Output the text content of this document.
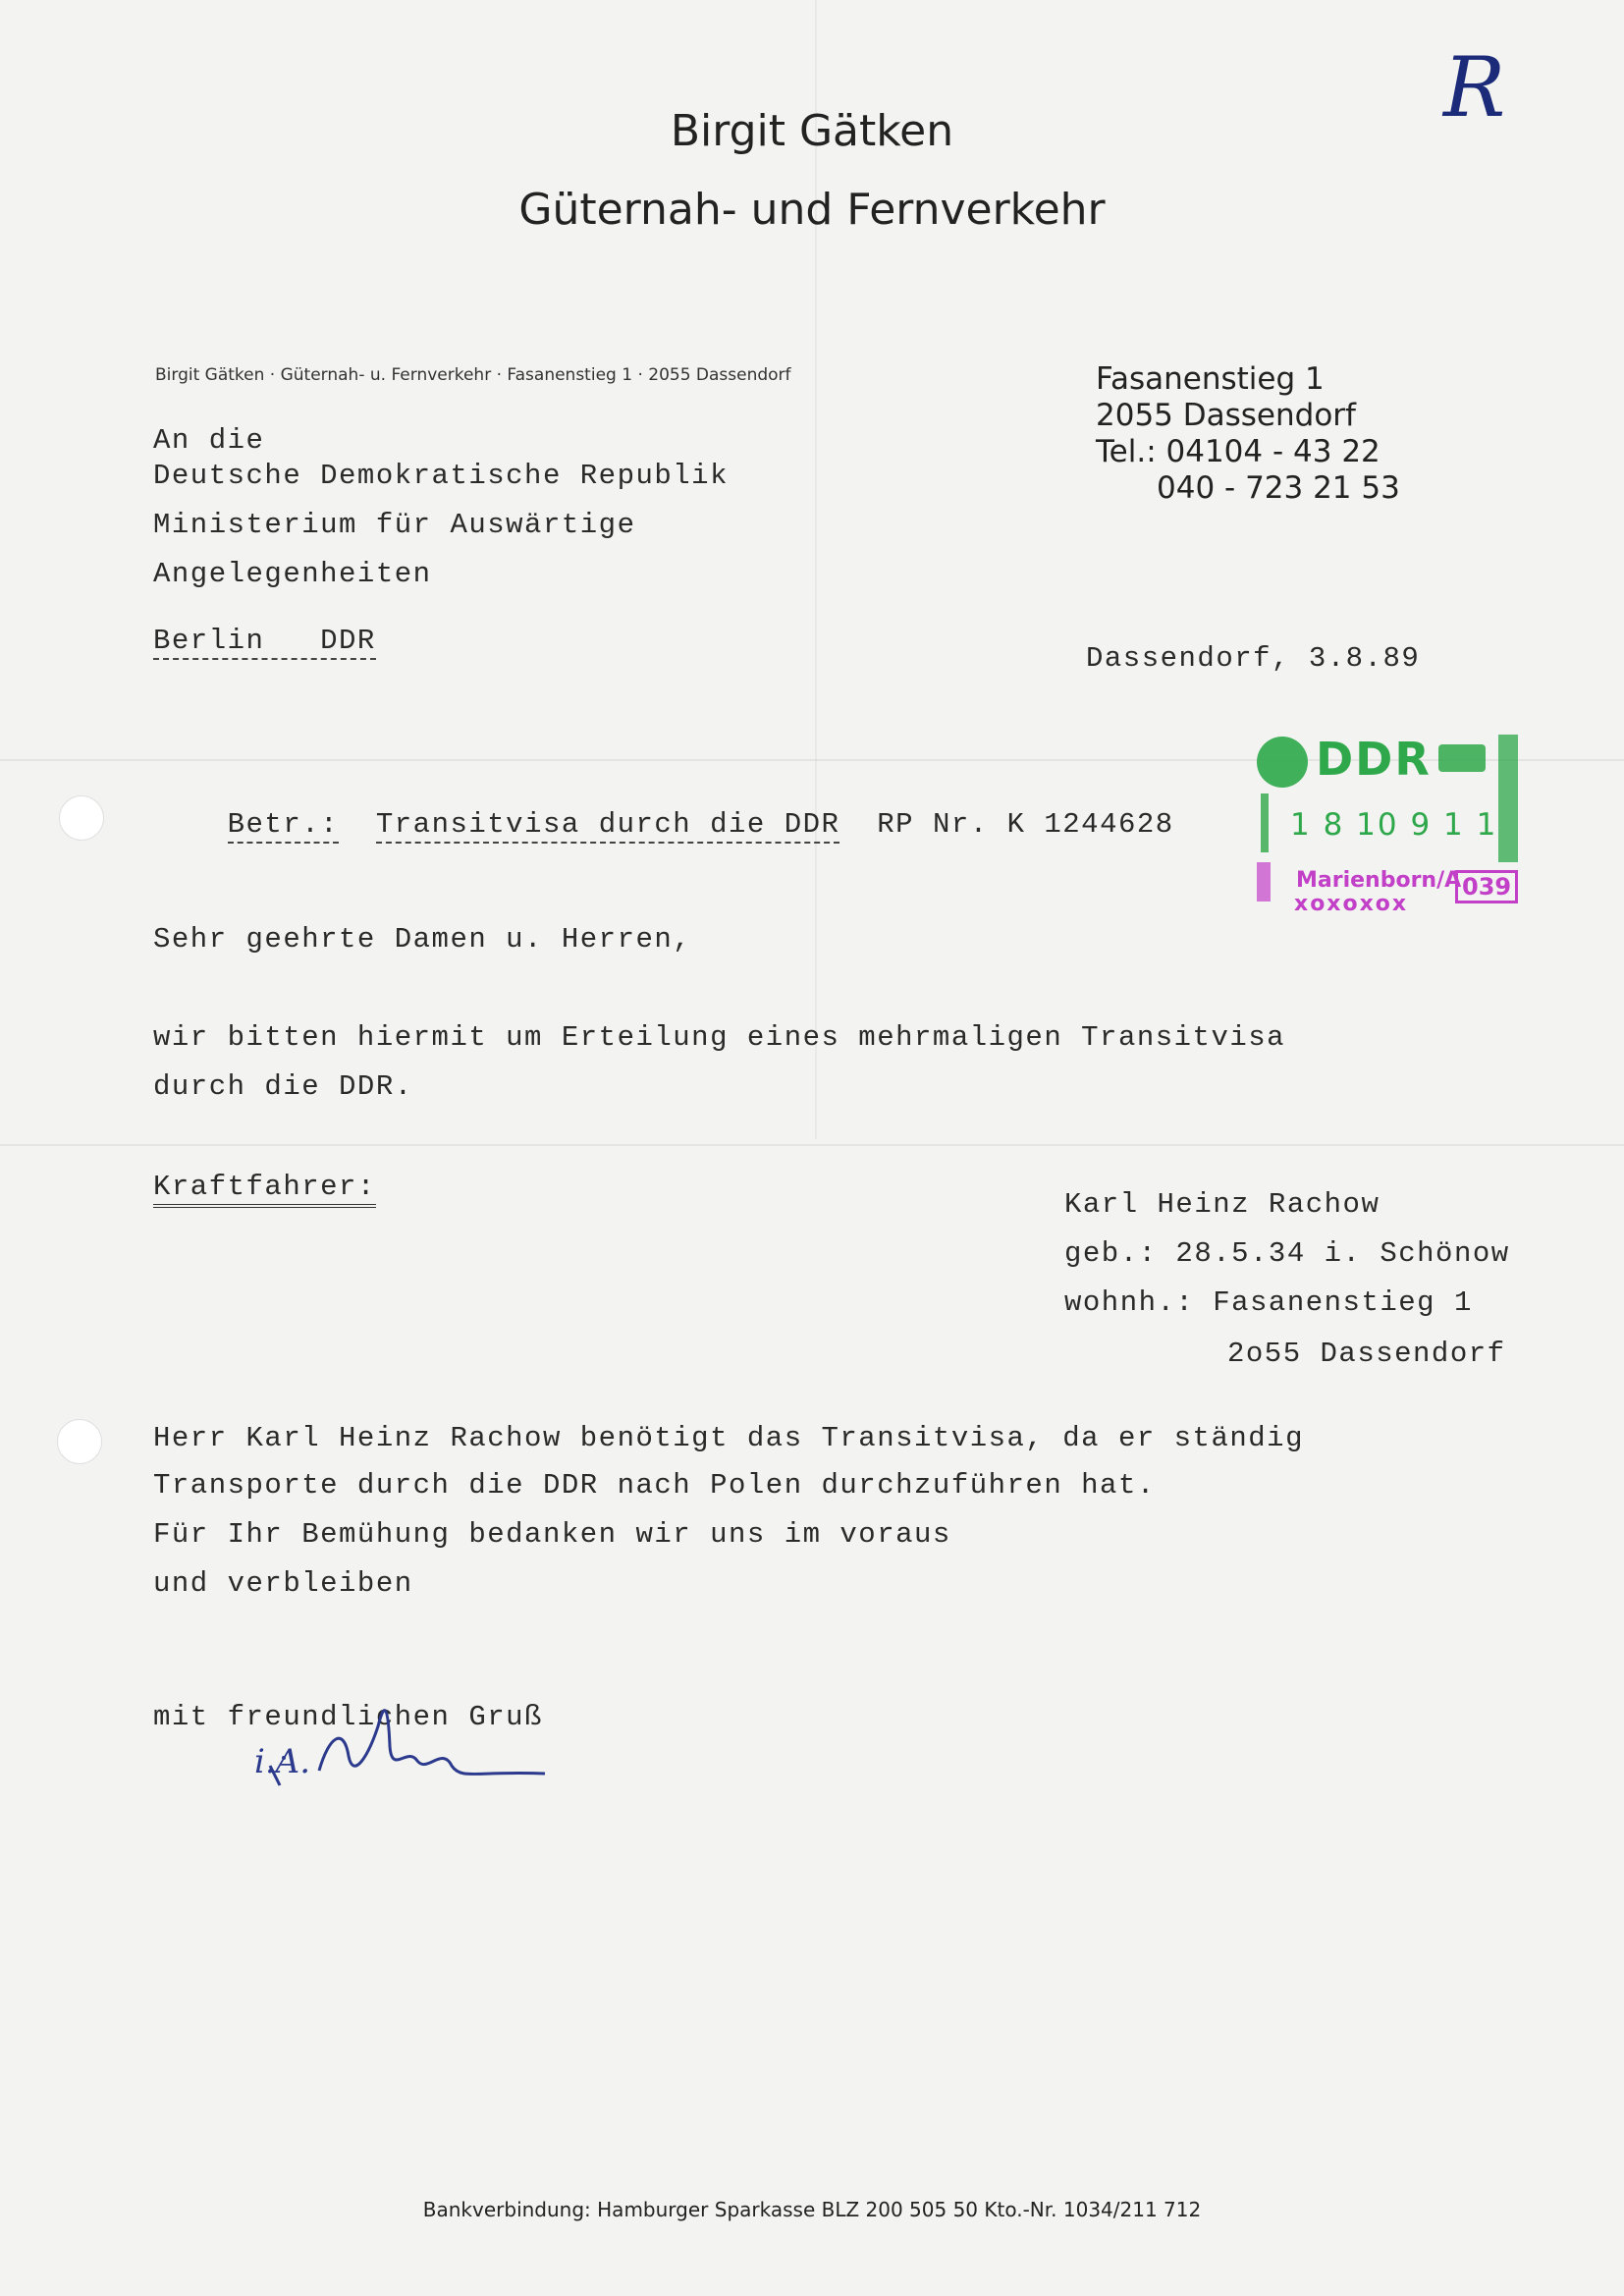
R
Birgit Gätken
Güternah- und Fernverkehr
Birgit Gätken · Güternah- u. Fernverkehr · Fasanenstieg 1 · 2055 Dassendorf	Fasanenstieg 1
2055 Dassendorf
Tel.: 04104 - 43 22
040 - 723 21 53
An die
Deutsche Demokratische Republik
Ministerium für Auswärtige
Angelegenheiten
Berlin   DDR
Dassendorf, 3.8.89

Betr.: Transitvisa durch die DDR RP Nr. K 1244628

DDR
1 8 10 9 1 1
Marienborn/A.
xoxoxox
039
Sehr geehrte Damen u. Herren,
wir bitten hiermit um Erteilung eines mehrmaligen Transitvisa
durch die DDR.
Kraftfahrer:
Karl Heinz Rachow
geb.: 28.5.34 i. Schönow
wohnh.: Fasanenstieg 1
2o55 Dassendorf
Herr Karl Heinz Rachow benötigt das Transitvisa, da er ständig
Transporte durch die DDR nach Polen durchzuführen hat.
Für Ihr Bemühung bedanken wir uns im voraus
und verbleiben
mit freundlichen Gruß
i.A.
Bankverbindung: Hamburger Sparkasse BLZ 200 505 50 Kto.-Nr. 1034/211 712
